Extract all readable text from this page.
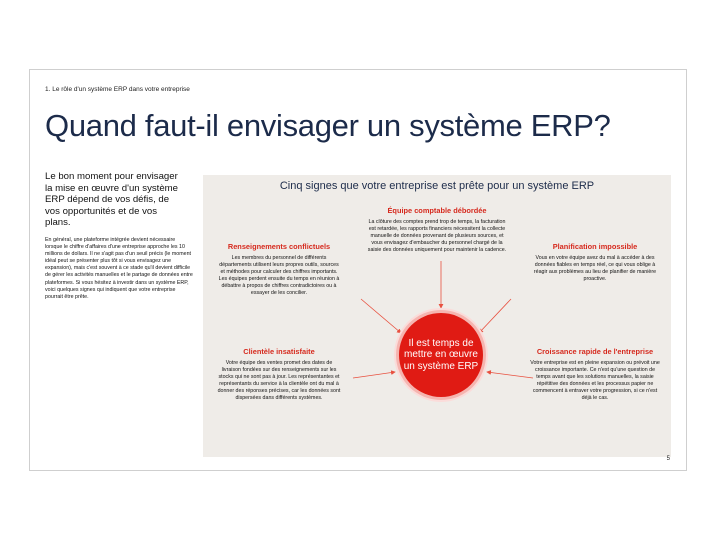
1. Le rôle d'un système ERP dans votre entreprise
Quand faut-il envisager un système ERP?
Le bon moment pour envisager la mise en œuvre d'un système ERP dépend de vos défis, de vos opportunités et de vos plans.
En général, une plateforme intégrée devient nécessaire lorsque le chiffre d'affaires d'une entreprise approche les 10 millions de dollars. Il ne s'agit pas d'un seuil précis (le moment idéal peut se présenter plus tôt si vous envisagez une expansion), mais c'est souvent à ce stade qu'il devient difficile de gérer les activités manuelles et le partage de données entre plateformes. Si vous hésitez à investir dans un système ERP, voici quelques signes qui indiquent que votre entreprise pourrait être prête.
Cinq signes que votre entreprise est prête pour un système ERP
Équipe comptable débordée
La clôture des comptes prend trop de temps, la facturation est retardée, les rapports financiers nécessitent la collecte manuelle de données provenant de plusieurs sources, et vous envisagez d'embaucher du personnel chargé de la saisie des données uniquement pour maintenir la cadence.
Renseignements conflictuels
Les membres du personnel de différents départements utilisent leurs propres outils, sources et méthodes pour calculer des chiffres importants. Les équipes perdent ensuite du temps en réunion à débattre à propos de chiffres contradictoires ou à essayer de les concilier.
Planification impossible
Vous en votre équipe avez du mal à accéder à des données fiables en temps réel, ce qui vous oblige à réagir aux problèmes au lieu de planifier de manière proactive.
Clientèle insatisfaite
Votre équipe des ventes promet des dates de livraison fondées sur des renseignements sur les stocks qui ne sont pas à jour. Les représentantes et représentants du service à la clientèle ont du mal à donner des réponses précises, car les données sont dispersées dans différents systèmes.
Croissance rapide de l'entreprise
Votre entreprise est en pleine expansion ou prévoit une croissance importante. Ce n'est qu'une question de temps avant que les solutions manuelles, la saisie répétitive des données et les processus papier ne commencent à entraver votre progression, si ce n'est déjà le cas.
Il est temps de mettre en œuvre un système ERP
5
